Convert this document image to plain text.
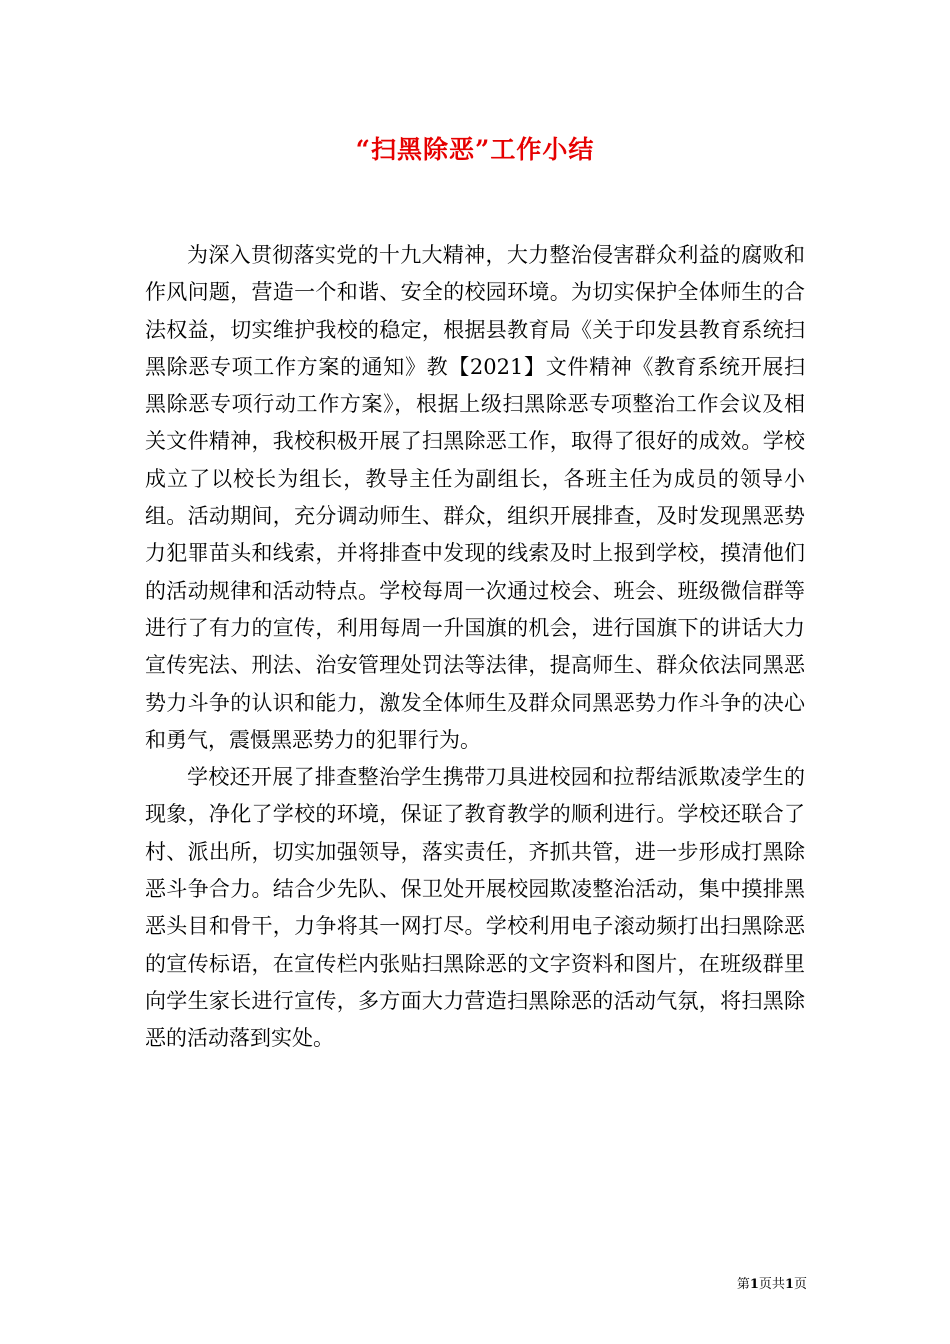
“扫黑除恶”工作小结

为深入贯彻落实党的十九大精神，大力整治侵害群众利益的腐败和作风问题，营造一个和谐、安全的校园环境。为切实保护全体师生的合法权益，切实维护我校的稳定，根据县教育局《关于印发县教育系统扫黑除恶专项工作方案的通知》教【2021】文件精神《教育系统开展扫黑除恶专项行动工作方案》，根据上级扫黑除恶专项整治工作会议及相关文件精神，我校积极开展了扫黑除恶工作，取得了很好的成效。学校成立了以校长为组长，教导主任为副组长，各班主任为成员的领导小组。活动期间，充分调动师生、群众，组织开展排查，及时发现黑恶势力犯罪苗头和线索，并将排查中发现的线索及时上报到学校，摸清他们的活动规律和活动特点。学校每周一次通过校会、班会、班级微信群等进行了有力的宣传，利用每周一升国旗的机会，进行国旗下的讲话大力宣传宪法、刑法、治安管理处罚法等法律，提高师生、群众依法同黑恶势力斗争的认识和能力，激发全体师生及群众同黑恶势力作斗争的决心和勇气，震慑黑恶势力的犯罪行为。

学校还开展了排查整治学生携带刀具进校园和拉帮结派欺凌学生的现象，净化了学校的环境，保证了教育教学的顺利进行。学校还联合了村、派出所，切实加强领导，落实责任，齐抓共管，进一步形成打黑除恶斗争合力。结合少先队、保卫处开展校园欺凌整治活动，集中摸排黑恶头目和骨干，力争将其一网打尽。学校利用电子滚动频打出扫黑除恶的宣传标语，在宣传栏内张贴扫黑除恶的文字资料和图片，在班级群里向学生家长进行宣传，多方面大力营造扫黑除恶的活动气氛，将扫黑除恶的活动落到实处。

第1页共1页
